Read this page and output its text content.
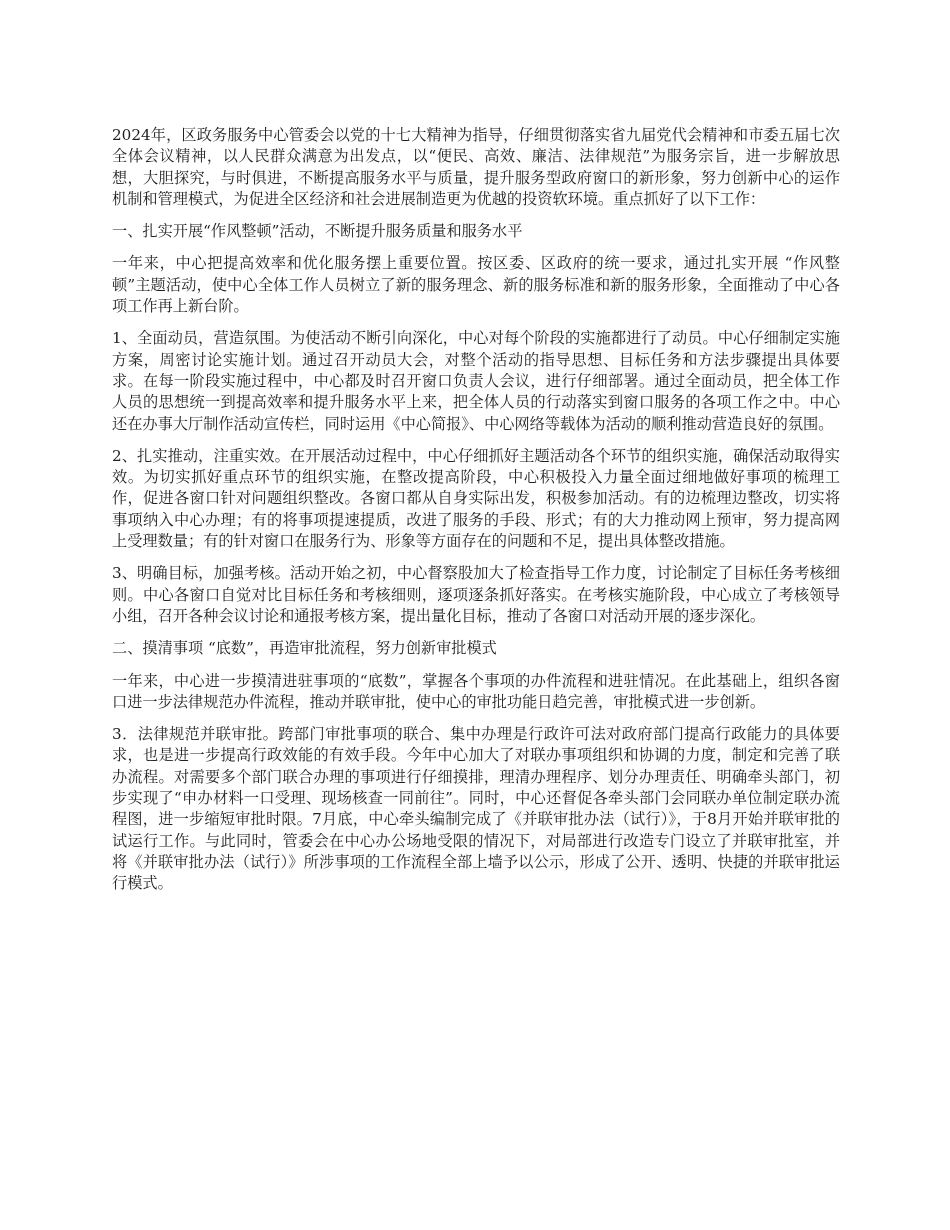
2024年，区政务服务中心管委会以党的十七大精神为指导，仔细贯彻落实省九届党代会精神和市委五届七次全体会议精神，以人民群众满意为出发点，以“便民、高效、廉洁、法律规范”为服务宗旨，进一步解放思想，大胆探究，与时俱进，不断提高服务水平与质量，提升服务型政府窗口的新形象，努力创新中心的运作机制和管理模式，为促进全区经济和社会进展制造更为优越的投资软环境。重点抓好了以下工作：

一、扎实开展“作风整顿”活动，不断提升服务质量和服务水平

一年来，中心把提高效率和优化服务摆上重要位置。按区委、区政府的统一要求，通过扎实开展 “作风整顿”主题活动，使中心全体工作人员树立了新的服务理念、新的服务标准和新的服务形象，全面推动了中心各项工作再上新台阶。

1、全面动员，营造氛围。为使活动不断引向深化，中心对每个阶段的实施都进行了动员。中心仔细制定实施方案，周密讨论实施计划。通过召开动员大会，对整个活动的指导思想、目标任务和方法步骤提出具体要求。在每一阶段实施过程中，中心都及时召开窗口负责人会议，进行仔细部署。通过全面动员，把全体工作人员的思想统一到提高效率和提升服务水平上来，把全体人员的行动落实到窗口服务的各项工作之中。中心还在办事大厅制作活动宣传栏，同时运用《中心简报》、中心网络等载体为活动的顺利推动营造良好的氛围。

2、扎实推动，注重实效。在开展活动过程中，中心仔细抓好主题活动各个环节的组织实施，确保活动取得实效。为切实抓好重点环节的组织实施，在整改提高阶段，中心积极投入力量全面过细地做好事项的梳理工作，促进各窗口针对问题组织整改。各窗口都从自身实际出发，积极参加活动。有的边梳理边整改，切实将事项纳入中心办理；有的将事项提速提质，改进了服务的手段、形式；有的大力推动网上预审，努力提高网上受理数量；有的针对窗口在服务行为、形象等方面存在的问题和不足，提出具体整改措施。

3、明确目标，加强考核。活动开始之初，中心督察股加大了检查指导工作力度，讨论制定了目标任务考核细则。中心各窗口自觉对比目标任务和考核细则，逐项逐条抓好落实。在考核实施阶段，中心成立了考核领导小组，召开各种会议讨论和通报考核方案，提出量化目标，推动了各窗口对活动开展的逐步深化。

二、摸清事项 “底数”，再造审批流程，努力创新审批模式

一年来，中心进一步摸清进驻事项的“底数”，掌握各个事项的办件流程和进驻情况。在此基础上，组织各窗口进一步法律规范办件流程，推动并联审批，使中心的审批功能日趋完善，审批模式进一步创新。

3．法律规范并联审批。跨部门审批事项的联合、集中办理是行政许可法对政府部门提高行政能力的具体要求，也是进一步提高行政效能的有效手段。今年中心加大了对联办事项组织和协调的力度，制定和完善了联办流程。对需要多个部门联合办理的事项进行仔细摸排，理清办理程序、划分办理责任、明确牵头部门，初步实现了“申办材料一口受理、现场核查一同前往”。同时，中心还督促各牵头部门会同联办单位制定联办流程图，进一步缩短审批时限。7月底，中心牵头编制完成了《并联审批办法（试行）》，于8月开始并联审批的试运行工作。与此同时，管委会在中心办公场地受限的情况下，对局部进行改造专门设立了并联审批室，并将《并联审批办法（试行）》所涉事项的工作流程全部上墙予以公示，形成了公开、透明、快捷的并联审批运行模式。
